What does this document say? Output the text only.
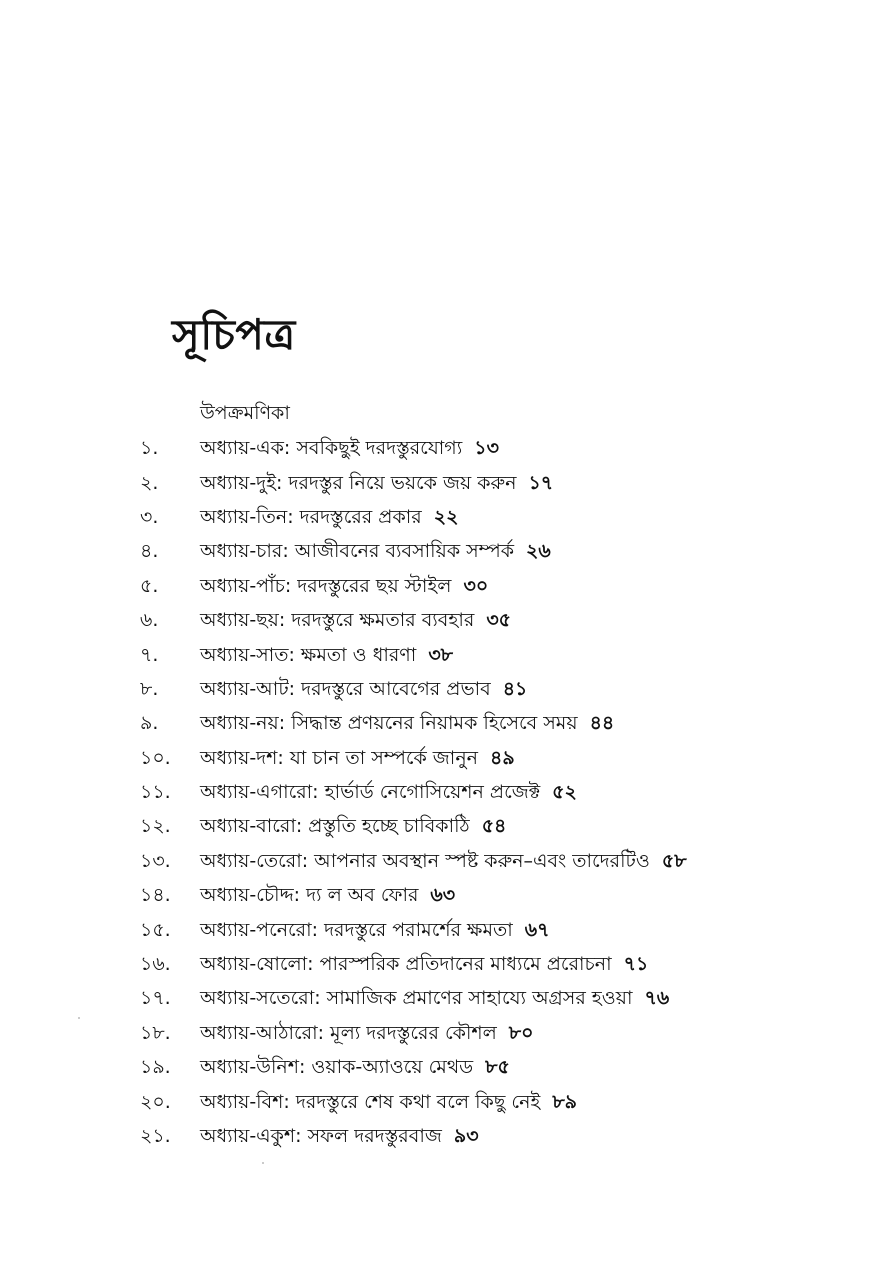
সূচিপত্র
উপক্রমণিকা
১.	অধ্যায়-এক: সবকিছুই দরদস্তুরযোগ্য ১৩
২.	অধ্যায়-দুই: দরদস্তুর নিয়ে ভয়কে জয় করুন ১৭
৩.	অধ্যায়-তিন: দরদস্তুরের প্রকার ২২
৪.	অধ্যায়-চার: আজীবনের ব্যবসায়িক সম্পর্ক ২৬
৫.	অধ্যায়-পাঁচ: দরদস্তুরের ছয় স্টাইল ৩০
৬.	অধ্যায়-ছয়: দরদস্তুরে ক্ষমতার ব্যবহার ৩৫
৭.	অধ্যায়-সাত: ক্ষমতা ও ধারণা ৩৮
৮.	অধ্যায়-আট: দরদস্তুরে আবেগের প্রভাব ৪১
৯.	অধ্যায়-নয়: সিদ্ধান্ত প্রণয়নের নিয়ামক হিসেবে সময় ৪৪
১০.	অধ্যায়-দশ: যা চান তা সম্পর্কে জানুন ৪৯
১১.	অধ্যায়-এগারো: হার্ভার্ড নেগোসিয়েশন প্রজেক্ট ৫২
১২.	অধ্যায়-বারো: প্রস্তুতি হচ্ছে চাবিকাঠি ৫৪
১৩.	অধ্যায়-তেরো: আপনার অবস্থান স্পষ্ট করুন–এবং তাদেরটিও ৫৮
১৪.	অধ্যায়-চৌদ্দ: দ্য ল অব ফোর ৬৩
১৫.	অধ্যায়-পনেরো: দরদস্তুরে পরামর্শের ক্ষমতা ৬৭
১৬.	অধ্যায়-ষোলো: পারস্পরিক প্রতিদানের মাধ্যমে প্ররোচনা ৭১
১৭.	অধ্যায়-সতেরো: সামাজিক প্রমাণের সাহায্যে অগ্রসর হওয়া ৭৬
১৮.	অধ্যায়-আঠারো: মূল্য দরদস্তুরের কৌশল ৮০
১৯.	অধ্যায়-উনিশ: ওয়াক-অ্যাওয়ে মেথড ৮৫
২০.	অধ্যায়-বিশ: দরদস্তুরে শেষ কথা বলে কিছু নেই ৮৯
২১.	অধ্যায়-একুশ: সফল দরদস্তুরবাজ ৯৩
